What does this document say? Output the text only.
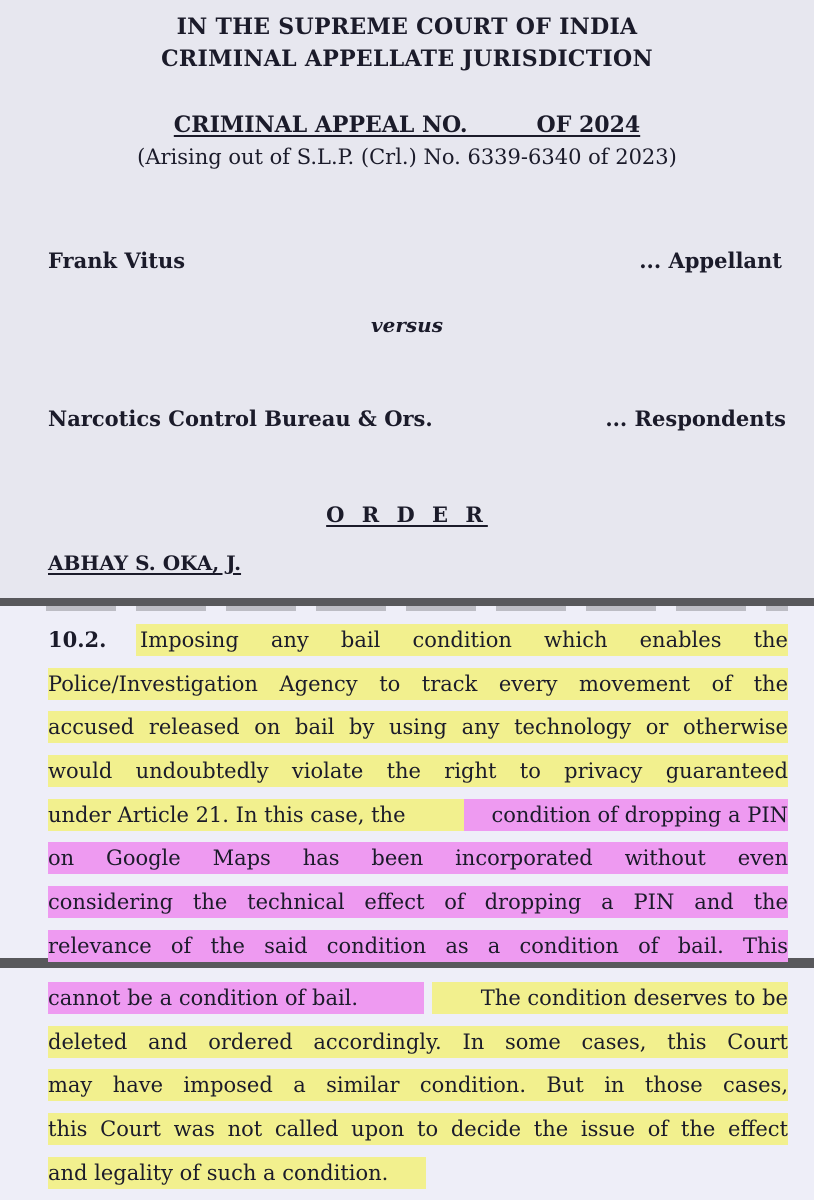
IN THE SUPREME COURT OF INDIA
CRIMINAL APPELLATE JURISDICTION
CRIMINAL APPEAL NO.         OF 2024
(Arising out of S.L.P. (Crl.) No. 6339-6340 of 2023)
Frank Vitus	... Appellant
versus
Narcotics Control Bureau & Ors.	... Respondents
O R D E R
ABHAY S. OKA, J.
10.2. Imposing any bail condition which enables the
Police/Investigation Agency to track every movement of the
accused released on bail by using any technology or otherwise
would undoubtedly violate the right to privacy guaranteed
under Article 21. In this case, the	condition of dropping a PIN
on Google Maps has been incorporated without even
considering the technical effect of dropping a PIN and the
relevance of the said condition as a condition of bail. This
cannot be a condition of bail.	The condition deserves to be
deleted and ordered accordingly. In some cases, this Court
may have imposed a similar condition. But in those cases,
this Court was not called upon to decide the issue of the effect
and legality of such a condition.
